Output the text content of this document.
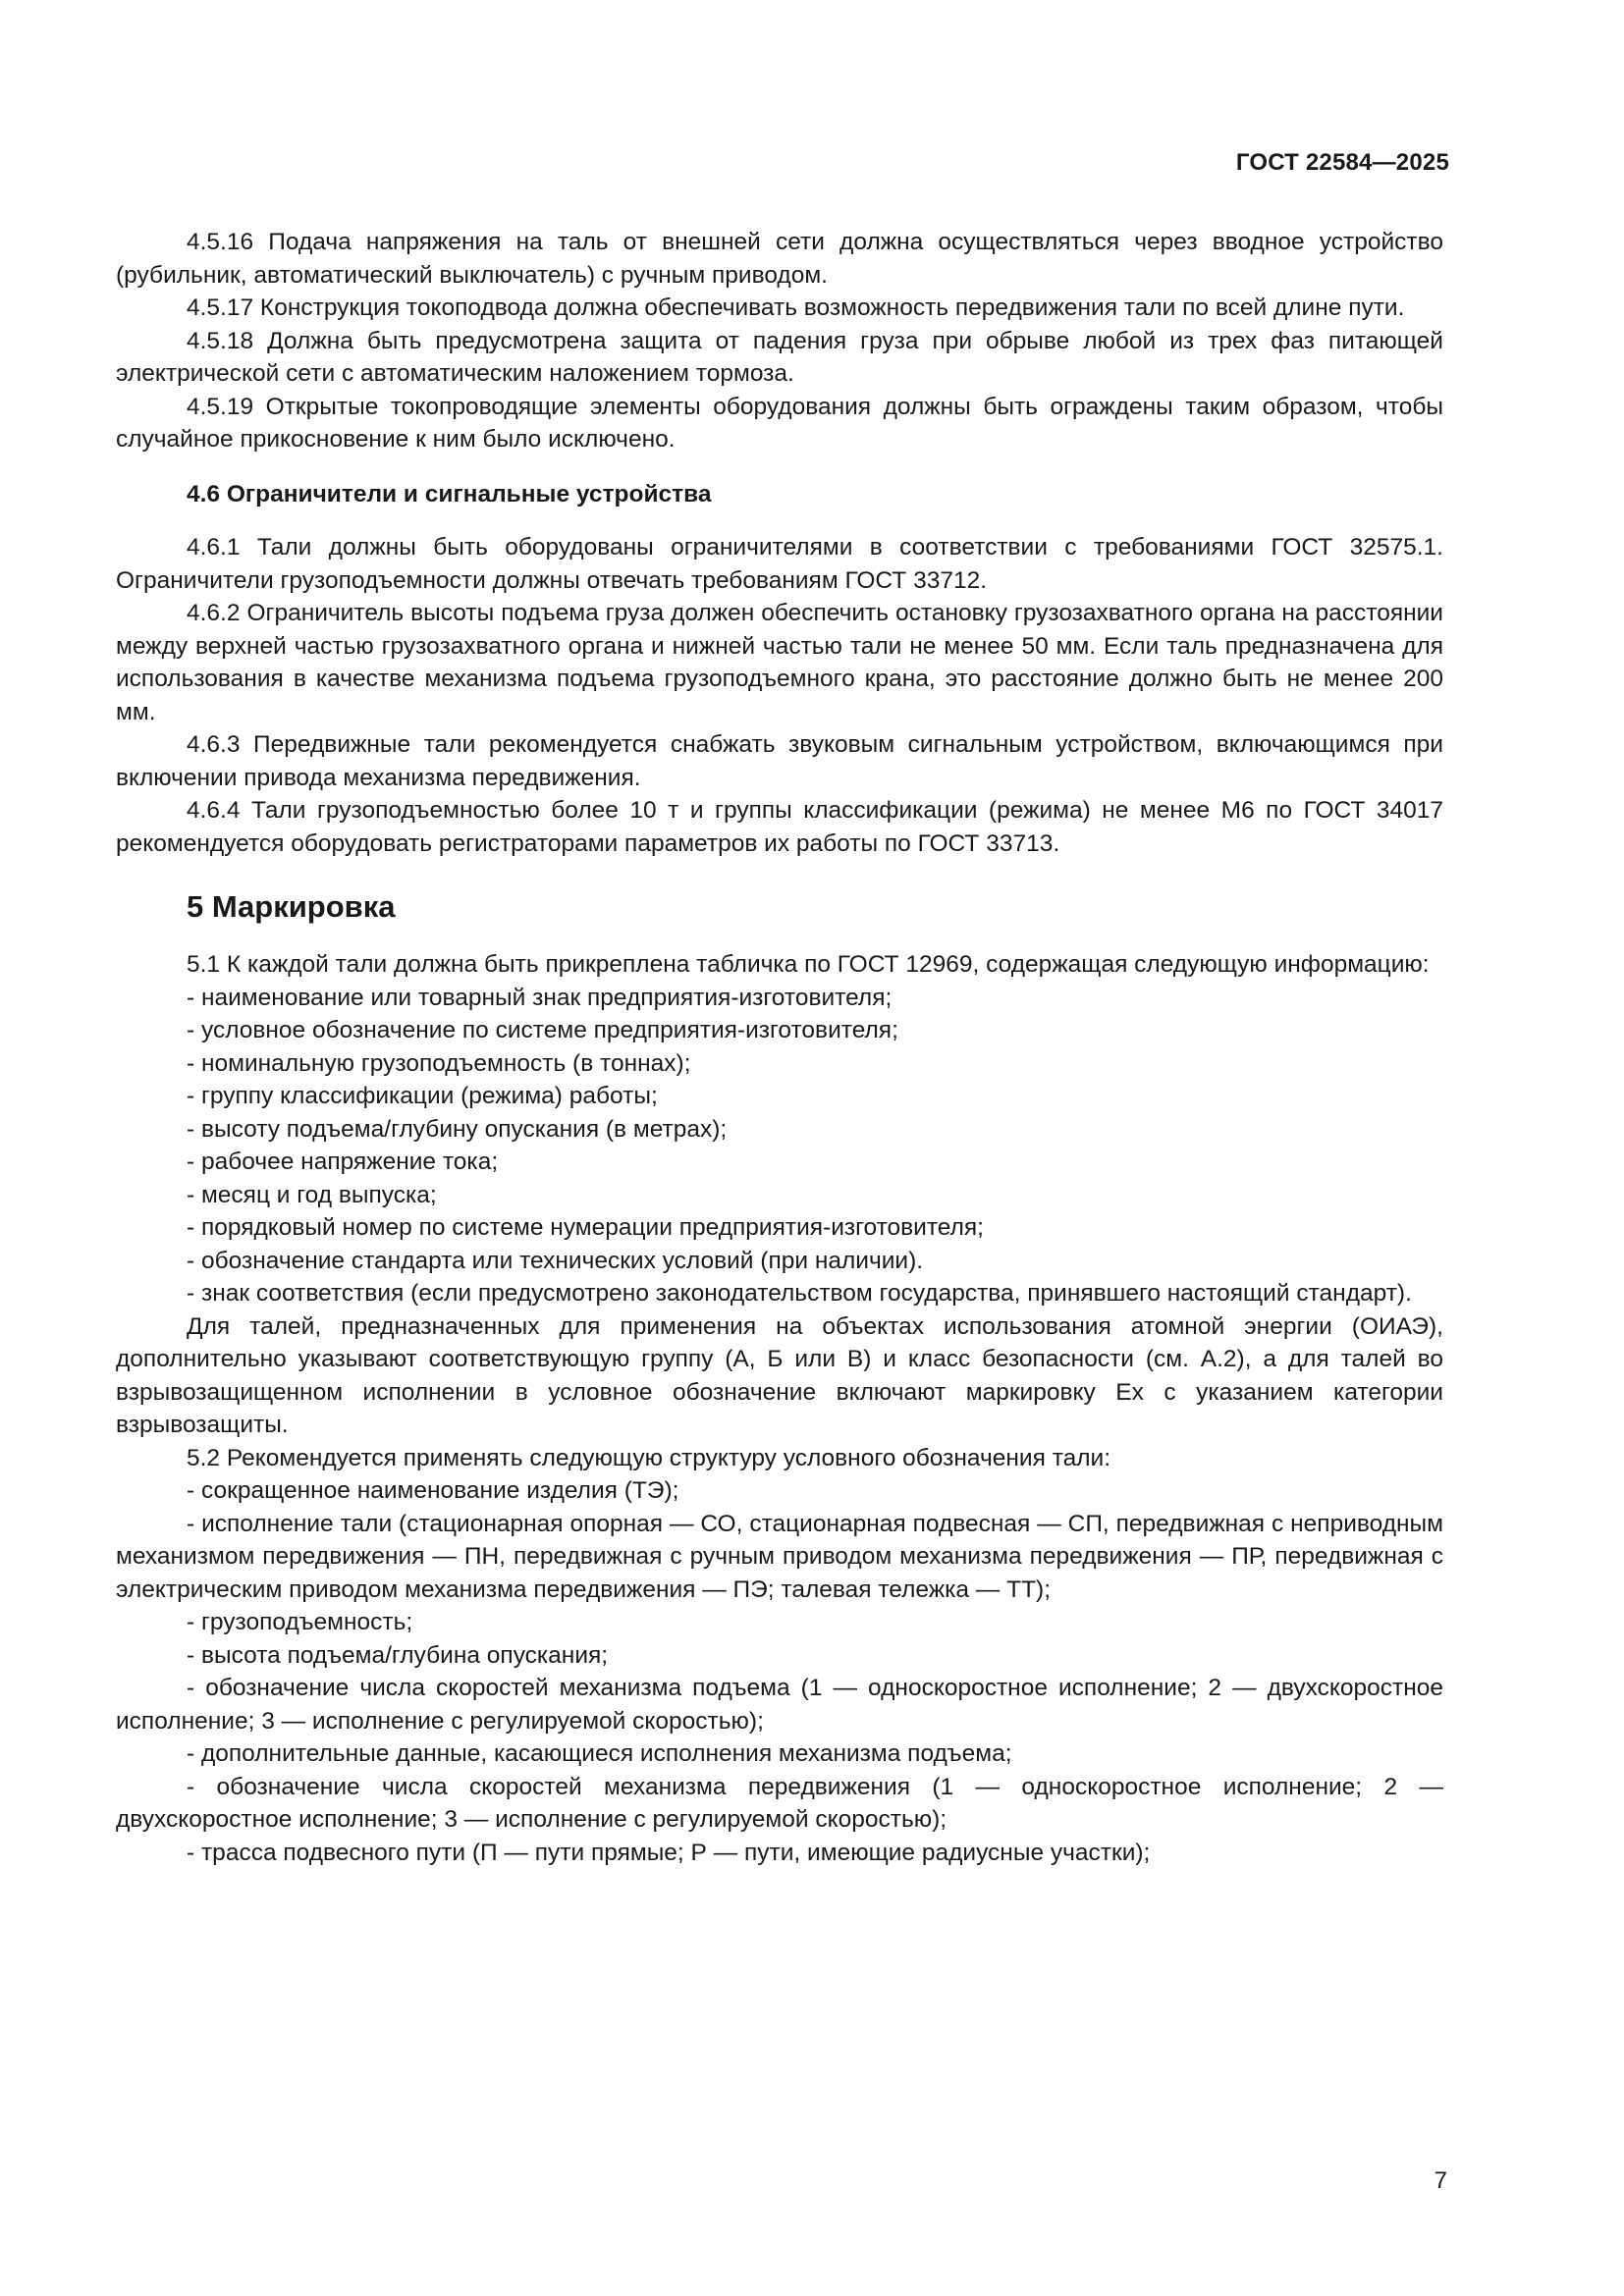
ГОСТ 22584—2025

4.5.16 Подача напряжения на таль от внешней сети должна осуществляться через вводное устройство (рубильник, автоматический выключатель) с ручным приводом.

4.5.17 Конструкция токоподвода должна обеспечивать возможность передвижения тали по всей длине пути.

4.5.18 Должна быть предусмотрена защита от падения груза при обрыве любой из трех фаз питающей электрической сети с автоматическим наложением тормоза.

4.5.19 Открытые токопроводящие элементы оборудования должны быть ограждены таким образом, чтобы случайное прикосновение к ним было исключено.

4.6 Ограничители и сигнальные устройства

4.6.1 Тали должны быть оборудованы ограничителями в соответствии с требованиями ГОСТ 32575.1. Ограничители грузоподъемности должны отвечать требованиям ГОСТ 33712.

4.6.2 Ограничитель высоты подъема груза должен обеспечить остановку грузозахватного органа на расстоянии между верхней частью грузозахватного органа и нижней частью тали не менее 50 мм. Если таль предназначена для использования в качестве механизма подъема грузоподъемного крана, это расстояние должно быть не менее 200 мм.

4.6.3 Передвижные тали рекомендуется снабжать звуковым сигнальным устройством, включающимся при включении привода механизма передвижения.

4.6.4 Тали грузоподъемностью более 10 т и группы классификации (режима) не менее М6 по ГОСТ 34017 рекомендуется оборудовать регистраторами параметров их работы по ГОСТ 33713.

5 Маркировка

5.1 К каждой тали должна быть прикреплена табличка по ГОСТ 12969, содержащая следующую информацию:

- наименование или товарный знак предприятия-изготовителя;

- условное обозначение по системе предприятия-изготовителя;

- номинальную грузоподъемность (в тоннах);

- группу классификации (режима) работы;

- высоту подъема/глубину опускания (в метрах);

- рабочее напряжение тока;

- месяц и год выпуска;

- порядковый номер по системе нумерации предприятия-изготовителя;

- обозначение стандарта или технических условий (при наличии).

- знак соответствия (если предусмотрено законодательством государства, принявшего настоящий стандарт).

Для талей, предназначенных для применения на объектах использования атомной энергии (ОИАЭ), дополнительно указывают соответствующую группу (А, Б или В) и класс безопасности (см. А.2), а для талей во взрывозащищенном исполнении в условное обозначение включают маркировку Ex с указанием категории взрывозащиты.

5.2 Рекомендуется применять следующую структуру условного обозначения тали:

- сокращенное наименование изделия (ТЭ);

- исполнение тали (стационарная опорная — СО, стационарная подвесная — СП, передвижная с неприводным механизмом передвижения — ПН, передвижная с ручным приводом механизма передвижения — ПР, передвижная с электрическим приводом механизма передвижения — ПЭ; талевая тележка — ТТ);

- грузоподъемность;

- высота подъема/глубина опускания;

- обозначение числа скоростей механизма подъема (1 — односкоростное исполнение; 2 — двухскоростное исполнение; 3 — исполнение с регулируемой скоростью);

- дополнительные данные, касающиеся исполнения механизма подъема;

- обозначение числа скоростей механизма передвижения (1 — односкоростное исполнение; 2 — двухскоростное исполнение; 3 — исполнение с регулируемой скоростью);

- трасса подвесного пути (П — пути прямые; Р — пути, имеющие радиусные участки);

7
